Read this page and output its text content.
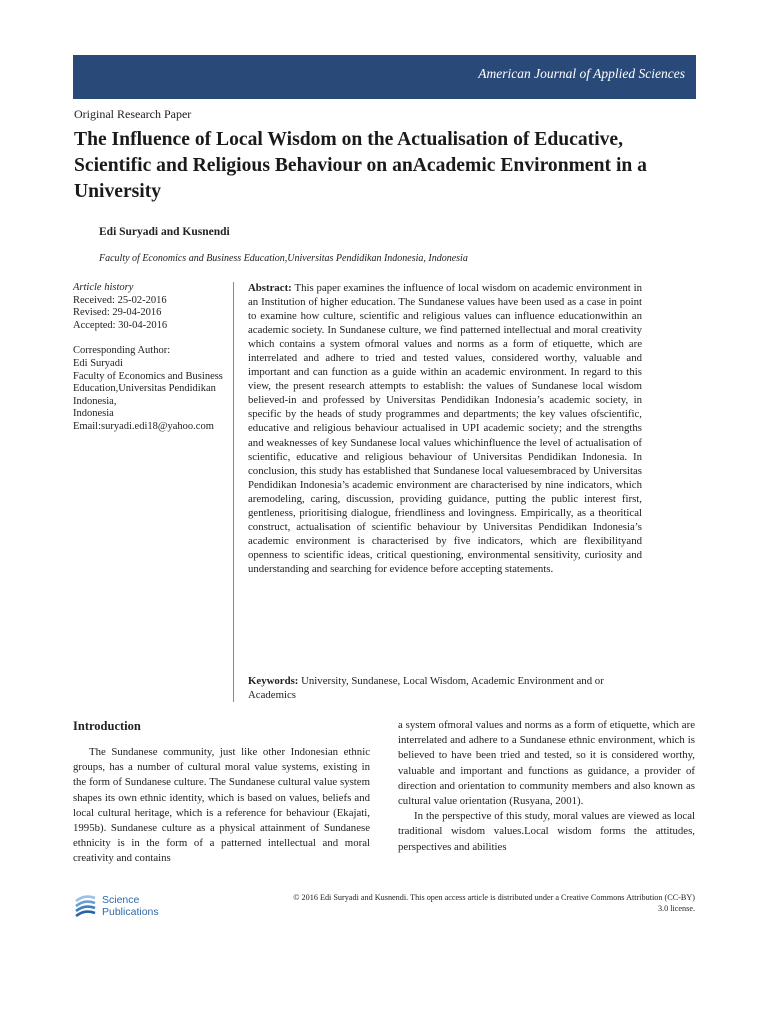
American Journal of Applied Sciences
Original Research Paper
The Influence of Local Wisdom on the Actualisation of Educative, Scientific and Religious Behaviour on anAcademic Environment in a University
Edi Suryadi and Kusnendi
Faculty of Economics and Business Education,Universitas Pendidikan Indonesia, Indonesia
Article history
Received: 25-02-2016
Revised: 29-04-2016
Accepted: 30-04-2016
Corresponding Author:
Edi Suryadi
Faculty of Economics and Business Education,Universitas Pendidikan Indonesia,
Indonesia
Email:suryadi.edi18@yahoo.com
Abstract: This paper examines the influence of local wisdom on academic environment in an Institution of higher education. The Sundanese values have been used as a case in point to examine how culture, scientific and religious values can influence educationwithin an academic society. In Sundanese culture, we find patterned intellectual and moral creativity which contains a system ofmoral values and norms as a form of etiquette, which are interrelated and adhere to tried and tested values, considered worthy, valuable and important and can function as a guide within an academic environment. In regard to this view, the present research attempts to establish: the values of Sundanese local wisdom believed-in and professed by Universitas Pendidikan Indonesia’s academic society, in specific by the heads of study programmes and departments; the key values ofscientific, educative and religious behaviour actualised in UPI academic society; and the strengths and weaknesses of key Sundanese local values whichinfluence the level of actualisation of scientific, educative and religious behaviour of Universitas Pendidikan Indonesia. In conclusion, this study has established that Sundanese local valuesembraced by Universitas Pendidikan Indonesia’s academic environment are characterised by nine indicators, which aremodeling, caring, discussion, providing guidance, putting the public interest first, gentleness, prioritising dialogue, friendliness and lovingness. Empirically, as a theoritical construct, actualisation of scientific behaviour by Universitas Pendidikan Indonesia’s academic environment is characterised by five indicators, which are flexibilityand openness to scientific ideas, critical questioning, environmental sensitivity, curiosity and understanding and searching for evidence before accepting statements.
Keywords: University, Sundanese, Local Wisdom, Academic Environment and or Academics
Introduction

The Sundanese community, just like other Indonesian ethnic groups, has a number of cultural moral value systems, existing in the form of Sundanese culture. The Sundanese cultural value system shapes its own ethnic identity, which is based on values, beliefs and local cultural heritage, which is a reference for behaviour (Ekajati, 1995b). Sundanese culture as a physical attainment of Sundanese ethnicity is in the form of a patterned intellectual and moral creativity and contains

a system ofmoral values and norms as a form of etiquette, which are interrelated and adhere to a Sundanese ethnic environment, which is believed to have been tried and tested, so it is considered worthy, valuable and important and functions as guidance, a provider of direction and orientation to community members and also known as cultural value orientation (Rusyana, 2001).

In the perspective of this study, moral values are viewed as local traditional wisdom values.Local wisdom forms the attitudes, perspectives and abilities

Science
Publications
© 2016 Edi Suryadi and Kusnendi. This open access article is distributed under a Creative Commons Attribution (CC-BY)
3.0 license.
